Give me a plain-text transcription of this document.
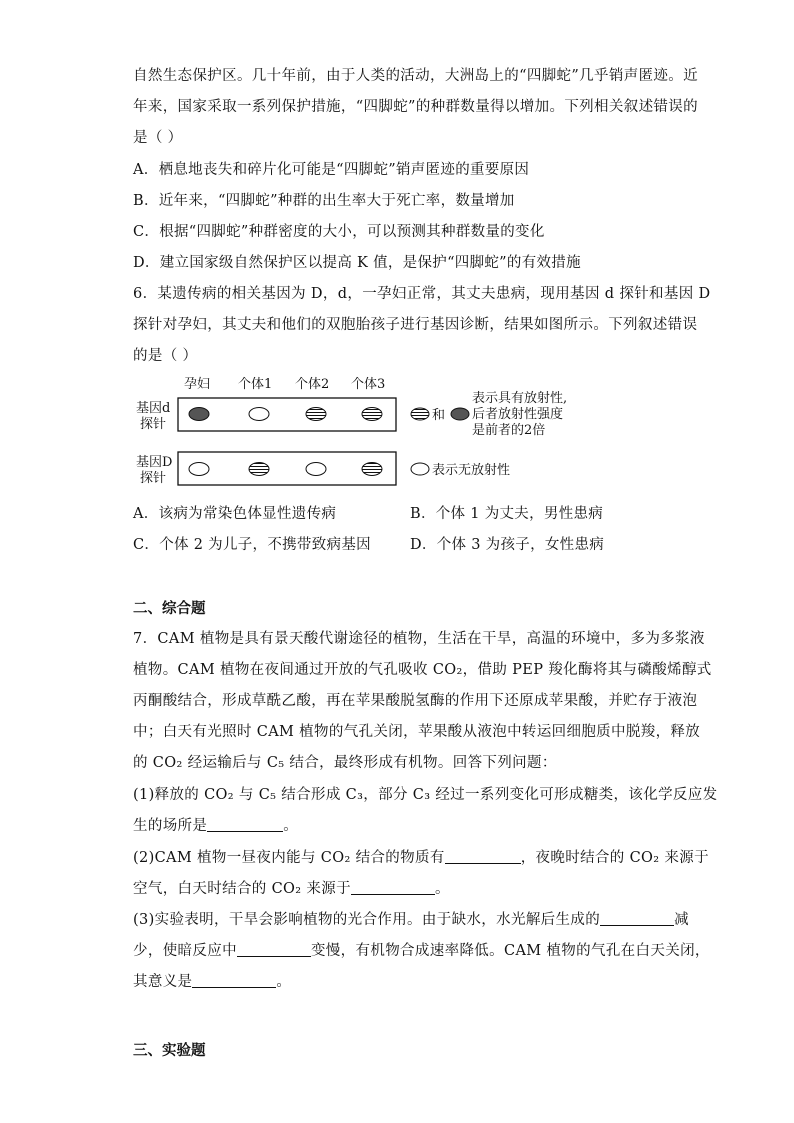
自然生态保护区。几十年前，由于人类的活动，大洲岛上的“四脚蛇”几乎销声匿迹。近
年来，国家采取一系列保护措施，“四脚蛇”的种群数量得以增加。下列相关叙述错误的
是（ ）
A．栖息地丧失和碎片化可能是“四脚蛇”销声匿迹的重要原因
B．近年来，“四脚蛇”种群的出生率大于死亡率，数量增加
C．根据“四脚蛇”种群密度的大小，可以预测其种群数量的变化
D．建立国家级自然保护区以提高 K 值，是保护“四脚蛇”的有效措施
6．某遗传病的相关基因为 D，d，一孕妇正常，其丈夫患病，现用基因 d 探针和基因 D
探针对孕妇，其丈夫和他们的双胞胎孩子进行基因诊断，结果如图所示。下列叙述错误
的是（ ）
孕妇 个体1 个体2 个体3
基因d
探针
基因D
探针
和
表示具有放射性,
后者放射性强度
是前者的2倍
表示无放射性
A．该病为常染色体显性遗传病	B．个体 1 为丈夫，男性患病
C．个体 2 为儿子，不携带致病基因	D．个体 3 为孩子，女性患病
二、综合题
7．CAM 植物是具有景天酸代谢途径的植物，生活在干旱，高温的环境中，多为多浆液
植物。CAM 植物在夜间通过开放的气孔吸收 CO₂，借助 PEP 羧化酶将其与磷酸烯醇式
丙酮酸结合，形成草酰乙酸，再在苹果酸脱氢酶的作用下还原成苹果酸，并贮存于液泡
中；白天有光照时 CAM 植物的气孔关闭，苹果酸从液泡中转运回细胞质中脱羧，释放
的 CO₂ 经运输后与 C₅ 结合，最终形成有机物。回答下列问题：
(1)释放的 CO₂ 与 C₅ 结合形成 C₃，部分 C₃ 经过一系列变化可形成糖类，该化学反应发
生的场所是	。
(2)CAM 植物一昼夜内能与 CO₂ 结合的物质有	，夜晚时结合的 CO₂ 来源于
空气，白天时结合的 CO₂ 来源于	。
(3)实验表明，干旱会影响植物的光合作用。由于缺水，水光解后生成的	减
少，使暗反应中	变慢，有机物合成速率降低。CAM 植物的气孔在白天关闭，
其意义是	。
三、实验题
